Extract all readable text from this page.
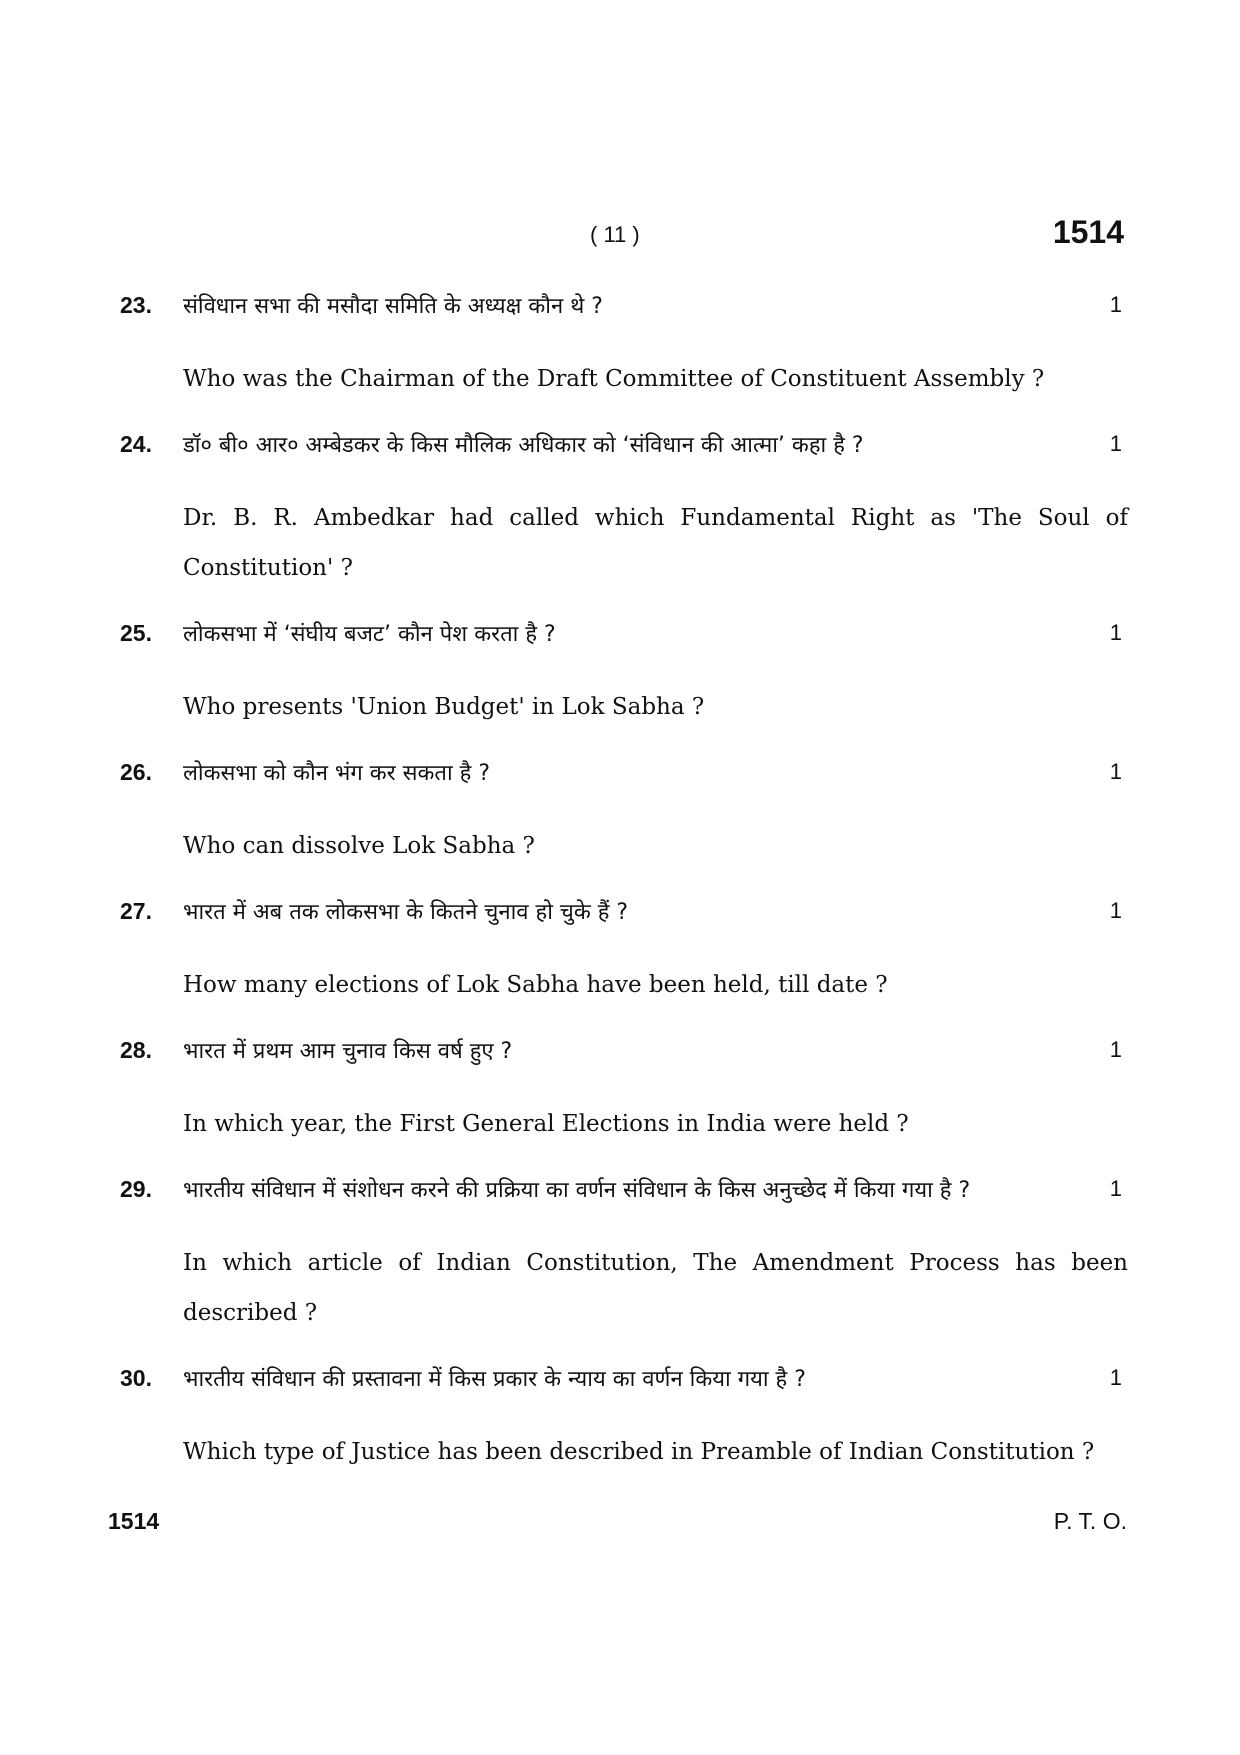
( 11 )	1514
23. संविधान सभा की मसौदा समिति के अध्यक्ष कौन थे ?	1
Who was the Chairman of the Draft Committee of Constituent Assembly ?
24. डॉ० बी० आर० अम्बेडकर के किस मौलिक अधिकार को ‘संविधान की आत्मा’ कहा है ?	1
Dr. B. R. Ambedkar had called which Fundamental Right as 'The Soul of Constitution' ?
25. लोकसभा में ‘संघीय बजट’ कौन पेश करता है ?	1
Who presents 'Union Budget' in Lok Sabha ?
26. लोकसभा को कौन भंग कर सकता है ?	1
Who can dissolve Lok Sabha ?
27. भारत में अब तक लोकसभा के कितने चुनाव हो चुके हैं ?	1
How many elections of Lok Sabha have been held, till date ?
28. भारत में प्रथम आम चुनाव किस वर्ष हुए ?	1
In which year, the First General Elections in India were held ?
29. भारतीय संविधान में संशोधन करने की प्रक्रिया का वर्णन संविधान के किस अनुच्छेद में किया गया है ?	1
In which article of Indian Constitution, The Amendment Process has been described ?
30. भारतीय संविधान की प्रस्तावना में किस प्रकार के न्याय का वर्णन किया गया है ?	1
Which type of Justice has been described in Preamble of Indian Constitution ?
1514	P. T. O.
